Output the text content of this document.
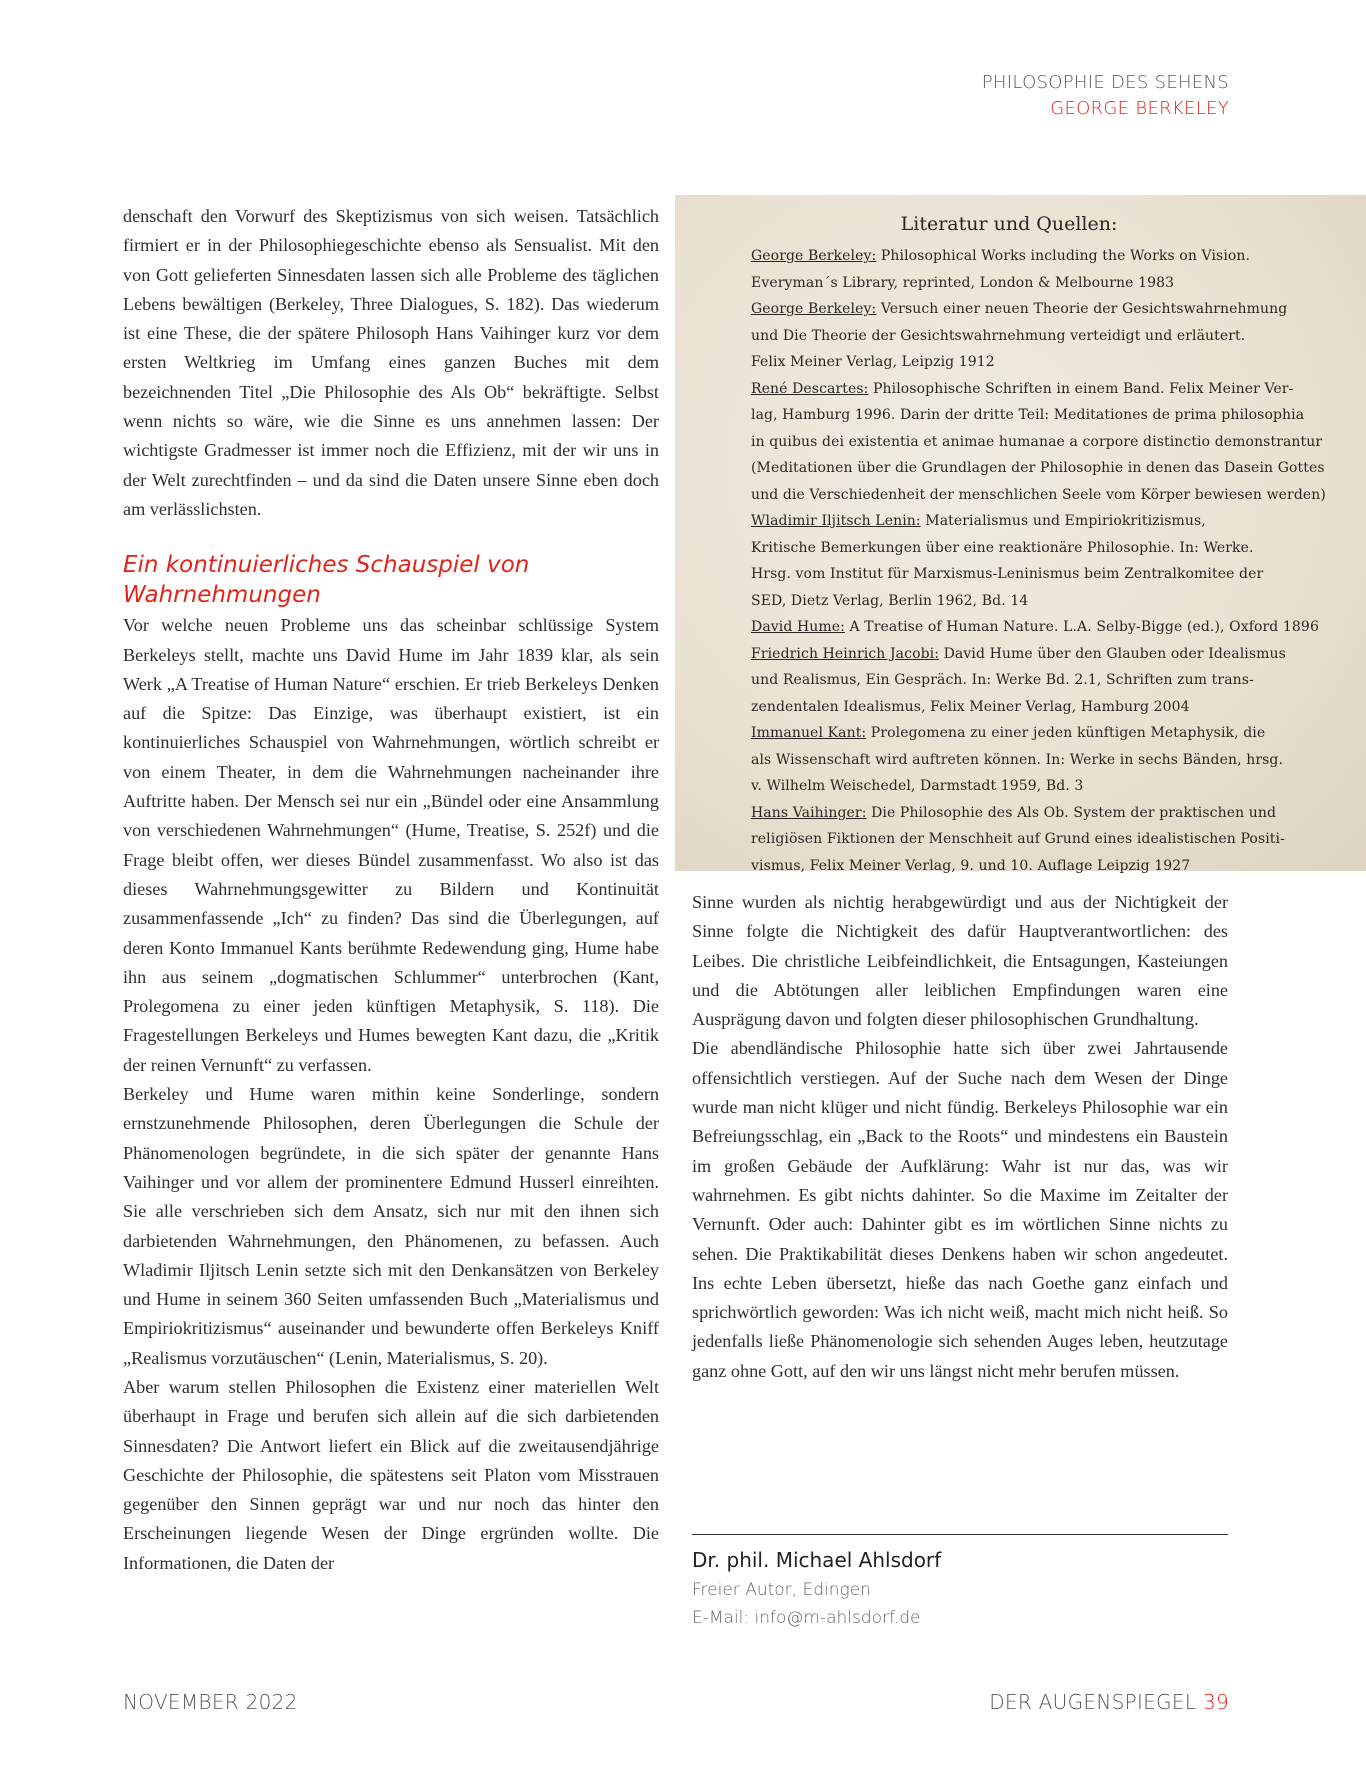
PHILOSOPHIE DES SEHENS
GEORGE BERKELEY

denschaft den Vorwurf des Skeptizismus von sich weisen. Tatsächlich firmiert er in der Philosophiegeschichte ebenso als Sensualist. Mit den von Gott gelieferten Sinnesdaten lassen sich alle Probleme des täglichen Lebens bewältigen (Berkeley, Three Dialogues, S. 182). Das wiederum ist eine These, die der spätere Philosoph Hans Vaihinger kurz vor dem ersten Weltkrieg im Umfang eines ganzen Buches mit dem bezeichnenden Titel „Die Philosophie des Als Ob“ bekräftigte. Selbst wenn nichts so wäre, wie die Sinne es uns annehmen lassen: Der wichtigste Gradmesser ist immer noch die Effizienz, mit der wir uns in der Welt zurechtfinden – und da sind die Daten unsere Sinne eben doch am verlässlichsten.

Ein kontinuierliches Schauspiel von Wahrnehmungen

Vor welche neuen Probleme uns das scheinbar schlüssige System Berkeleys stellt, machte uns David Hume im Jahr 1839 klar, als sein Werk „A Treatise of Human Nature“ erschien. Er trieb Berkeleys Denken auf die Spitze: Das Einzige, was überhaupt existiert, ist ein kontinuierliches Schauspiel von Wahrnehmungen, wörtlich schreibt er von einem Theater, in dem die Wahrnehmungen nacheinander ihre Auftritte haben. Der Mensch sei nur ein „Bündel oder eine Ansammlung von verschiedenen Wahrnehmungen“ (Hume, Treatise, S. 252f) und die Frage bleibt offen, wer dieses Bündel zusammenfasst. Wo also ist das dieses Wahrnehmungsgewitter zu Bildern und Kontinuität zusammenfassende „Ich“ zu finden? Das sind die Überlegungen, auf deren Konto Immanuel Kants berühmte Redewendung ging, Hume habe ihn aus seinem „dogmatischen Schlummer“ unterbrochen (Kant, Prolegomena zu einer jeden künftigen Metaphysik, S. 118). Die Fragestellungen Berkeleys und Humes bewegten Kant dazu, die „Kritik der reinen Vernunft“ zu verfassen.

Berkeley und Hume waren mithin keine Sonderlinge, sondern ernstzunehmende Philosophen, deren Überlegungen die Schule der Phänomenologen begründete, in die sich später der genannte Hans Vaihinger und vor allem der prominentere Edmund Husserl einreihten. Sie alle verschrieben sich dem Ansatz, sich nur mit den ihnen sich darbietenden Wahrnehmungen, den Phänomenen, zu befassen. Auch Wladimir Iljitsch Lenin setzte sich mit den Denkansätzen von Berkeley und Hume in seinem 360 Seiten umfassenden Buch „Materialismus und Empiriokritizismus“ auseinander und bewunderte offen Berkeleys Kniff „Realismus vorzutäuschen“ (Lenin, Materialismus, S. 20).

Aber warum stellen Philosophen die Existenz einer materiellen Welt überhaupt in Frage und berufen sich allein auf die sich darbietenden Sinnesdaten? Die Antwort liefert ein Blick auf die zweitausendjährige Geschichte der Philosophie, die spätestens seit Platon vom Misstrauen gegenüber den Sinnen geprägt war und nur noch das hinter den Erscheinungen liegende Wesen der Dinge ergründen wollte. Die Informationen, die Daten der

Literatur und Quellen:
George Berkeley: Philosophical Works including the Works on Vision.
Everyman´s Library, reprinted, London & Melbourne 1983
George Berkeley: Versuch einer neuen Theorie der Gesichtswahrnehmung
und Die Theorie der Gesichtswahrnehmung verteidigt und erläutert.
Felix Meiner Verlag, Leipzig 1912
René Descartes: Philosophische Schriften in einem Band. Felix Meiner Ver-
lag, Hamburg 1996. Darin der dritte Teil: Meditationes de prima philosophia
in quibus dei existentia et animae humanae a corpore distinctio demonstrantur
(Meditationen über die Grundlagen der Philosophie in denen das Dasein Gottes
und die Verschiedenheit der menschlichen Seele vom Körper bewiesen werden)
Wladimir Iljitsch Lenin: Materialismus und Empiriokritizismus,
Kritische Bemerkungen über eine reaktionäre Philosophie. In: Werke.
Hrsg. vom Institut für Marxismus-Leninismus beim Zentralkomitee der
SED, Dietz Verlag, Berlin 1962, Bd. 14
David Hume: A Treatise of Human Nature. L.A. Selby-Bigge (ed.), Oxford 1896
Friedrich Heinrich Jacobi: David Hume über den Glauben oder Idealismus
und Realismus, Ein Gespräch. In: Werke Bd. 2.1, Schriften zum trans-
zendentalen Idealismus, Felix Meiner Verlag, Hamburg 2004
Immanuel Kant: Prolegomena zu einer jeden künftigen Metaphysik, die
als Wissenschaft wird auftreten können. In: Werke in sechs Bänden, hrsg.
v. Wilhelm Weischedel, Darmstadt 1959, Bd. 3
Hans Vaihinger: Die Philosophie des Als Ob. System der praktischen und
religiösen Fiktionen der Menschheit auf Grund eines idealistischen Positi-
vismus, Felix Meiner Verlag, 9. und 10. Auflage Leipzig 1927

Sinne wurden als nichtig herabgewürdigt und aus der Nichtigkeit der Sinne folgte die Nichtigkeit des dafür Hauptverantwortlichen: des Leibes. Die christliche Leibfeindlichkeit, die Entsagungen, Kasteiungen und die Abtötungen aller leiblichen Empfindungen waren eine Ausprägung davon und folgten dieser philosophischen Grundhaltung.

Die abendländische Philosophie hatte sich über zwei Jahrtausende offensichtlich verstiegen. Auf der Suche nach dem Wesen der Dinge wurde man nicht klüger und nicht fündig. Berkeleys Philosophie war ein Befreiungsschlag, ein „Back to the Roots“ und mindestens ein Baustein im großen Gebäude der Aufklärung: Wahr ist nur das, was wir wahrnehmen. Es gibt nichts dahinter. So die Maxime im Zeitalter der Vernunft. Oder auch: Dahinter gibt es im wörtlichen Sinne nichts zu sehen. Die Praktikabilität dieses Denkens haben wir schon angedeutet. Ins echte Leben übersetzt, hieße das nach Goethe ganz einfach und sprichwörtlich geworden: Was ich nicht weiß, macht mich nicht heiß. So jedenfalls ließe Phänomenologie sich sehenden Auges leben, heutzutage ganz ohne Gott, auf den wir uns längst nicht mehr berufen müssen.

Dr. phil. Michael Ahlsdorf
Freier Autor, Edingen
E-Mail: info@m-ahlsdorf.de
NOVEMBER 2022	DER AUGENSPIEGEL 39
